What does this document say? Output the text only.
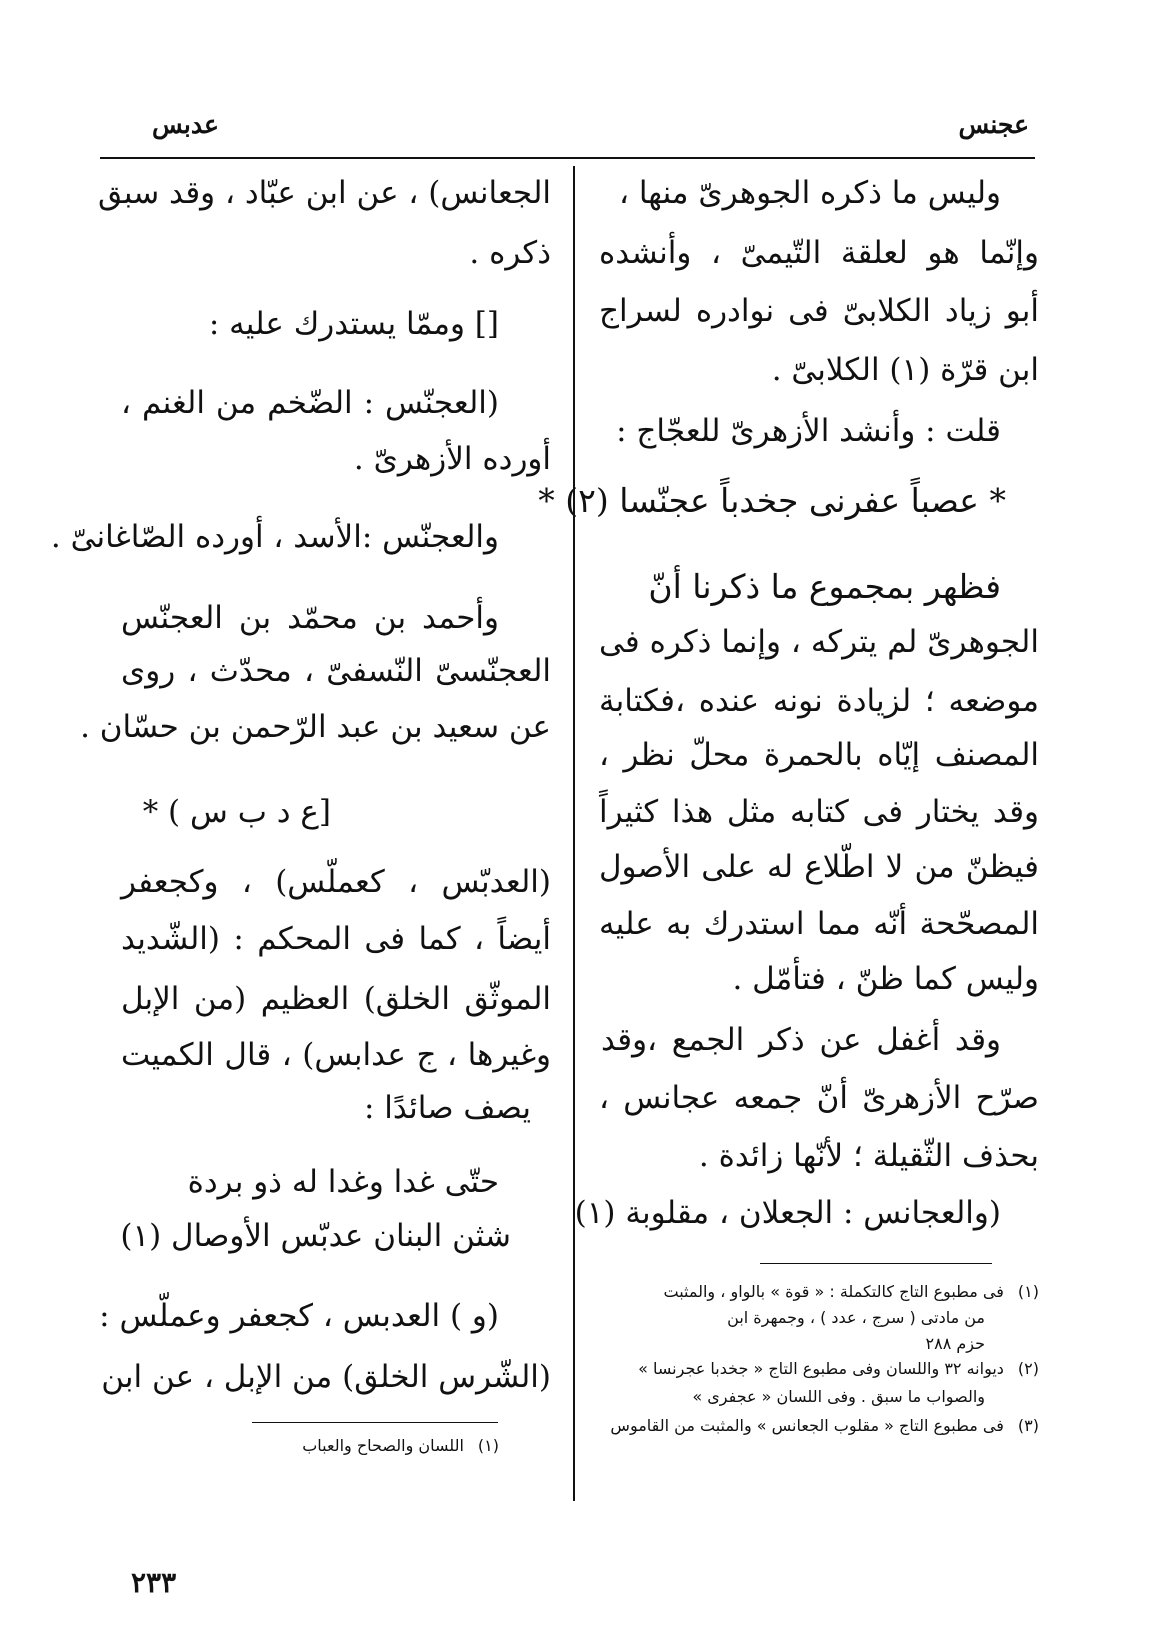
عجنس
عدبس
وليس ما ذكره الجوهرىّ منها ،
وإنّما هو لعلقة التّيمىّ ، وأنشده
أبو زياد الكلابىّ فى نوادره لسراج
ابن قرّة (١) الكلابىّ .
قلت : وأنشد الأزهرىّ للعجّاج :
* عصباً عفرنى جخدباً عجنّسا (٢) *
فظهر بمجموع ما ذكرنا أنّ
الجوهرىّ لم يتركه ، وإنما ذكره فى
موضعه ؛ لزيادة نونه عنده ،فكتابة
المصنف إيّاه بالحمرة محلّ نظر ،
وقد يختار فى كتابه مثل هذا كثيراً
فيظنّ من لا اطّلاع له على الأصول
المصحّحة أنّه مما استدرك به عليه
وليس كما ظنّ ، فتأمّل .
وقد أغفل عن ذكر الجمع ،وقد
صرّح الأزهرىّ أنّ جمعه عجانس ،
بحذف الثّقيلة ؛ لأنّها زائدة .
(والعجانس : الجعلان ، مقلوبة (١)
(١)فى مطبوع التاج كالتكملة : « قوة » بالواو ، والمثبت
من مادتى ( سرج ، عدد ) ، وجمهرة ابن
حزم ٢٨٨
(٢)ديوانه ٣٢ واللسان وفى مطبوع التاج « جخدبا عجرنسا »
والصواب ما سبق . وفى اللسان « عجفرى »
(٣)فى مطبوع التاج « مقلوب الجعانس » والمثبت من القاموس
الجعانس) ، عن ابن عبّاد ، وقد سبق
ذكره .
[] وممّا يستدرك عليه :
(العجنّس : الضّخم من الغنم ،
أورده الأزهرىّ .
والعجنّس :الأسد ، أورده الصّاغانىّ .
وأحمد بن محمّد بن العجنّس
العجنّسىّ النّسفىّ ، محدّث ، روى
عن سعيد بن عبد الرّحمن بن حسّان .
[ع د ب س ) *
(العدبّس ، كعملّس) ، وكجعفر
أيضاً ، كما فى المحكم : (الشّديد
الموثّق الخلق) العظيم (من الإبل
وغيرها ، ج عدابس) ، قال الكميت
يصف صائدًا :
حتّى غدا وغدا له ذو بردة
شثن البنان عدبّس الأوصال (١)
(و ) العدبس ، كجعفر وعملّس :
(الشّرس الخلق) من الإبل ، عن ابن
(١)اللسان والصحاح والعباب
٢٣٣
